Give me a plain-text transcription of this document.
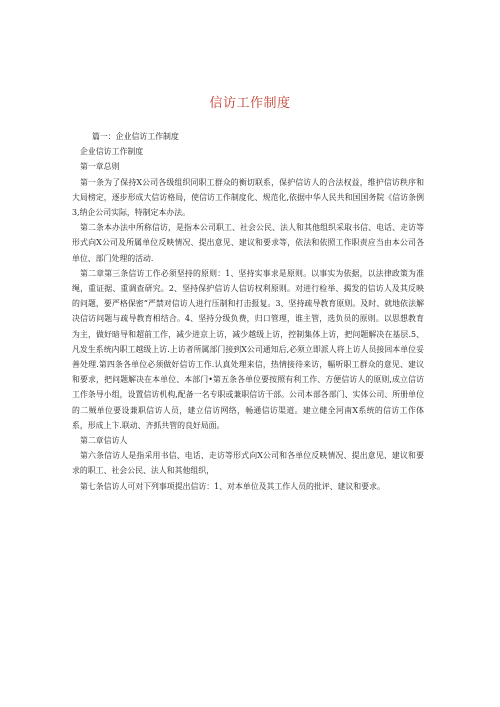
信访工作制度

篇一：企业信访工作制度

企业信访工作制度

第一章总则

第一条为了保持X公司各级组织同职工群众的衡切联系，保护信访人的合法权益，维护信访秩序和大局榜定，逐步形成大信访格局，使信访工作制度化、规范化,依据中华人民共和国国务院《信访条例3,纳企公司实际，特制定本办法。

第二条本办法中所称信访，是指本公司职工、社会公民、法人和其他组织采取书信、电话、走访等形式向X公司及所属单位反映情况、提出意见、建议和要求等，依法和依照工作职责应当由本公司各单位、部门处理的活动.

第二章第三条信访工作必须坚持的原则：1、坚持实事求是原则。以事实为依据，以法律政策为准绳，重证据、重调查研究。2、坚持保护信访人信访权利原则。对进行检举、揭发的信访人及其反映的问题，要严格保密“严禁对信访人进行压制和打击报复。3、坚持疏导教育原则。及时、就地依法解决信访问题与疏导教育相结合。4、坚持分级负费，归口管理，谁主管，选负员的原则。以思想教育为主，做好暗导和超前工作，减少进京上访，减少越级上访，控制集体上访，把问题解决在基层.5、凡发生系统内职工越级上访.上访者所属部门接到X公司通知后,必须立即派人将上访人员接回本单位妥善处理.第四条各单位必须做好信访工作.认真处理来信，热情接待来访，幅听职工群众的意见、建议和要求，把问题解决在本单位、本部门•第五条各单位要按照有利工作、方便信访人的原则,成立信访工作条导小组，设置信访机构,配备一名专职或兼职信访干部。公司本部各部门、实体公司、所册单位的二贼单位要设兼职信访人员，建立信访网络，畅通信访渠道。建立健全河南X系统的信访工作体系，形成上卞.联动、齐抓共管的良好局面。

第二章信访人

第六条信访人是指采用书信、电话、走访等形式向X公司和各单位反映情况、提出意见、建议和要求的职工、社会公民、法人和其他组织，

第七条信访人可对下列事项提出信访：1、对本单位及其工作人员的批评、建议和要求。
